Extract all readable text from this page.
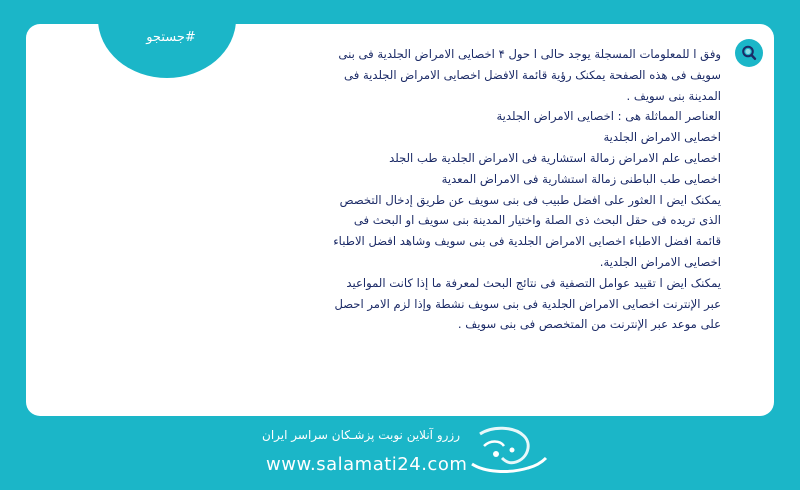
#جستجو

وفق ا للمعلومات المسجلة يوجد حالى ا حول ۴ اخصایی الامراض الجلدیة فی بنی سویف فی هذه الصفحة یمکنک رؤیة قائمة الافضل اخصایی الامراض الجلدیة فی المدینة بنی سویف .

العناصر المماثلة هی : اخصایی الامراض الجلدیة

اخصایی الامراض الجلدیة

اخصایی علم الامراض زمالة استشاریة فی الامراض الجلدیة طب الجلد

اخصایی طب الباطنی زمالة استشاریة فی الامراض المعدیة

یمکنک ایض ا العثور علی افضل طبیب فی بنی سویف عن طریق إدخال التخصص الذی تریده فی حقل البحث ذی الصلة واختیار المدینة بنی سویف او البحث فی قائمة افضل الاطباء اخصایی الامراض الجلدیة فی بنی سویف وشاهد افضل الاطباء اخصایی الامراض الجلدیة.

یمکنک ایض ا تقیید عوامل التصفیة فی نتائج البحث لمعرفة ما إذا کانت المواعید عبر الإنترنت اخصایی الامراض الجلدیة فی بنی سویف نشطة وإذا لزم الامر احصل علی موعد عبر الإنترنت من المتخصص فی بنی سویف .

رزرو آنلاین نوبت پزشـکان سراسر ایران
www.salamati24.com
